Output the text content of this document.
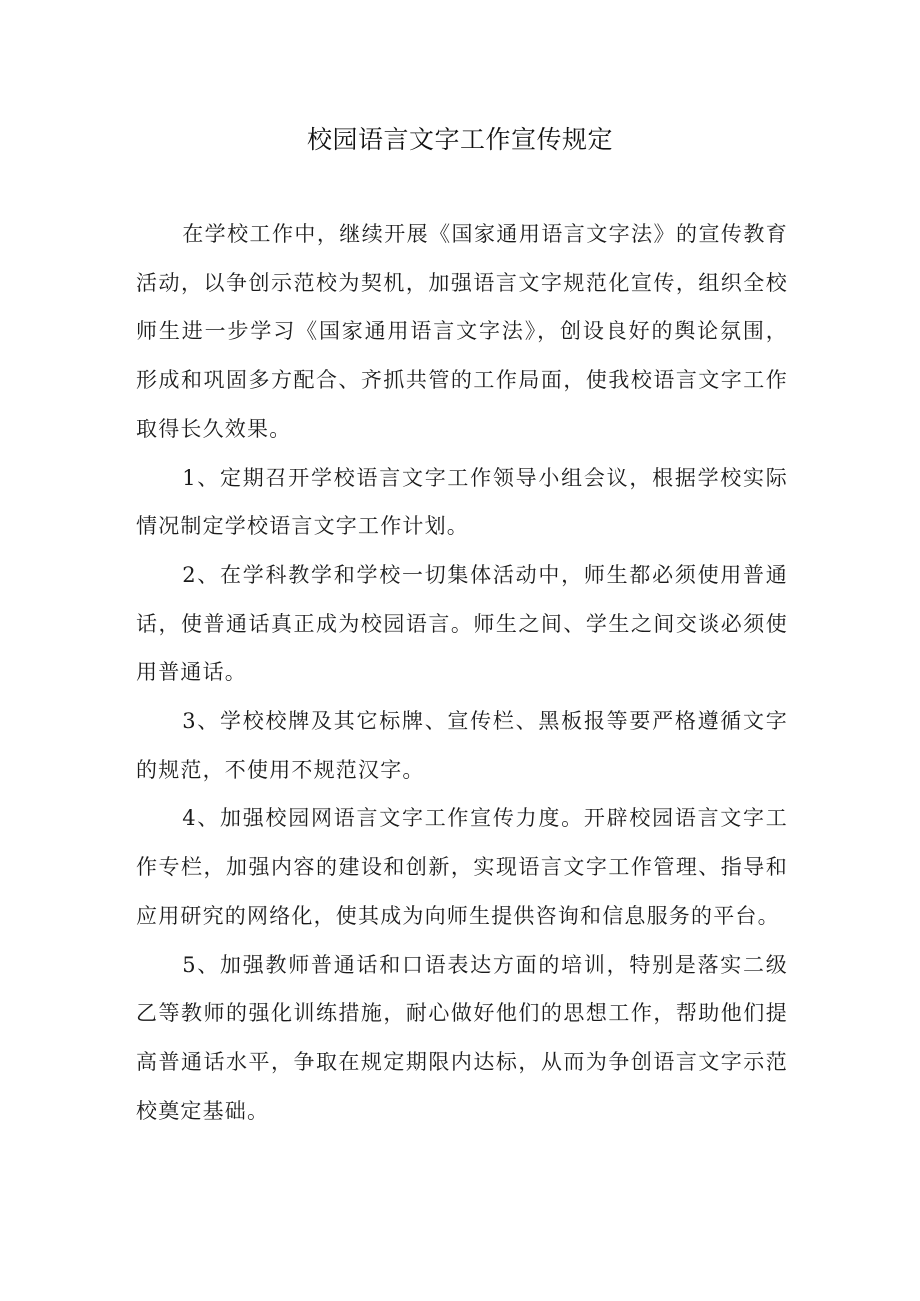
校园语言文字工作宣传规定

在学校工作中，继续开展《国家通用语言文字法》的宣传教育活动，以争创示范校为契机，加强语言文字规范化宣传，组织全校师生进一步学习《国家通用语言文字法》，创设良好的舆论氛围，形成和巩固多方配合、齐抓共管的工作局面，使我校语言文字工作取得长久效果。

1、定期召开学校语言文字工作领导小组会议，根据学校实际情况制定学校语言文字工作计划。

2、在学科教学和学校一切集体活动中，师生都必须使用普通话，使普通话真正成为校园语言。师生之间、学生之间交谈必须使用普通话。

3、学校校牌及其它标牌、宣传栏、黑板报等要严格遵循文字的规范，不使用不规范汉字。

4、加强校园网语言文字工作宣传力度。开辟校园语言文字工作专栏，加强内容的建设和创新，实现语言文字工作管理、指导和应用研究的网络化，使其成为向师生提供咨询和信息服务的平台。

5、加强教师普通话和口语表达方面的培训，特别是落实二级乙等教师的强化训练措施，耐心做好他们的思想工作，帮助他们提高普通话水平，争取在规定期限内达标，从而为争创语言文字示范校奠定基础。
